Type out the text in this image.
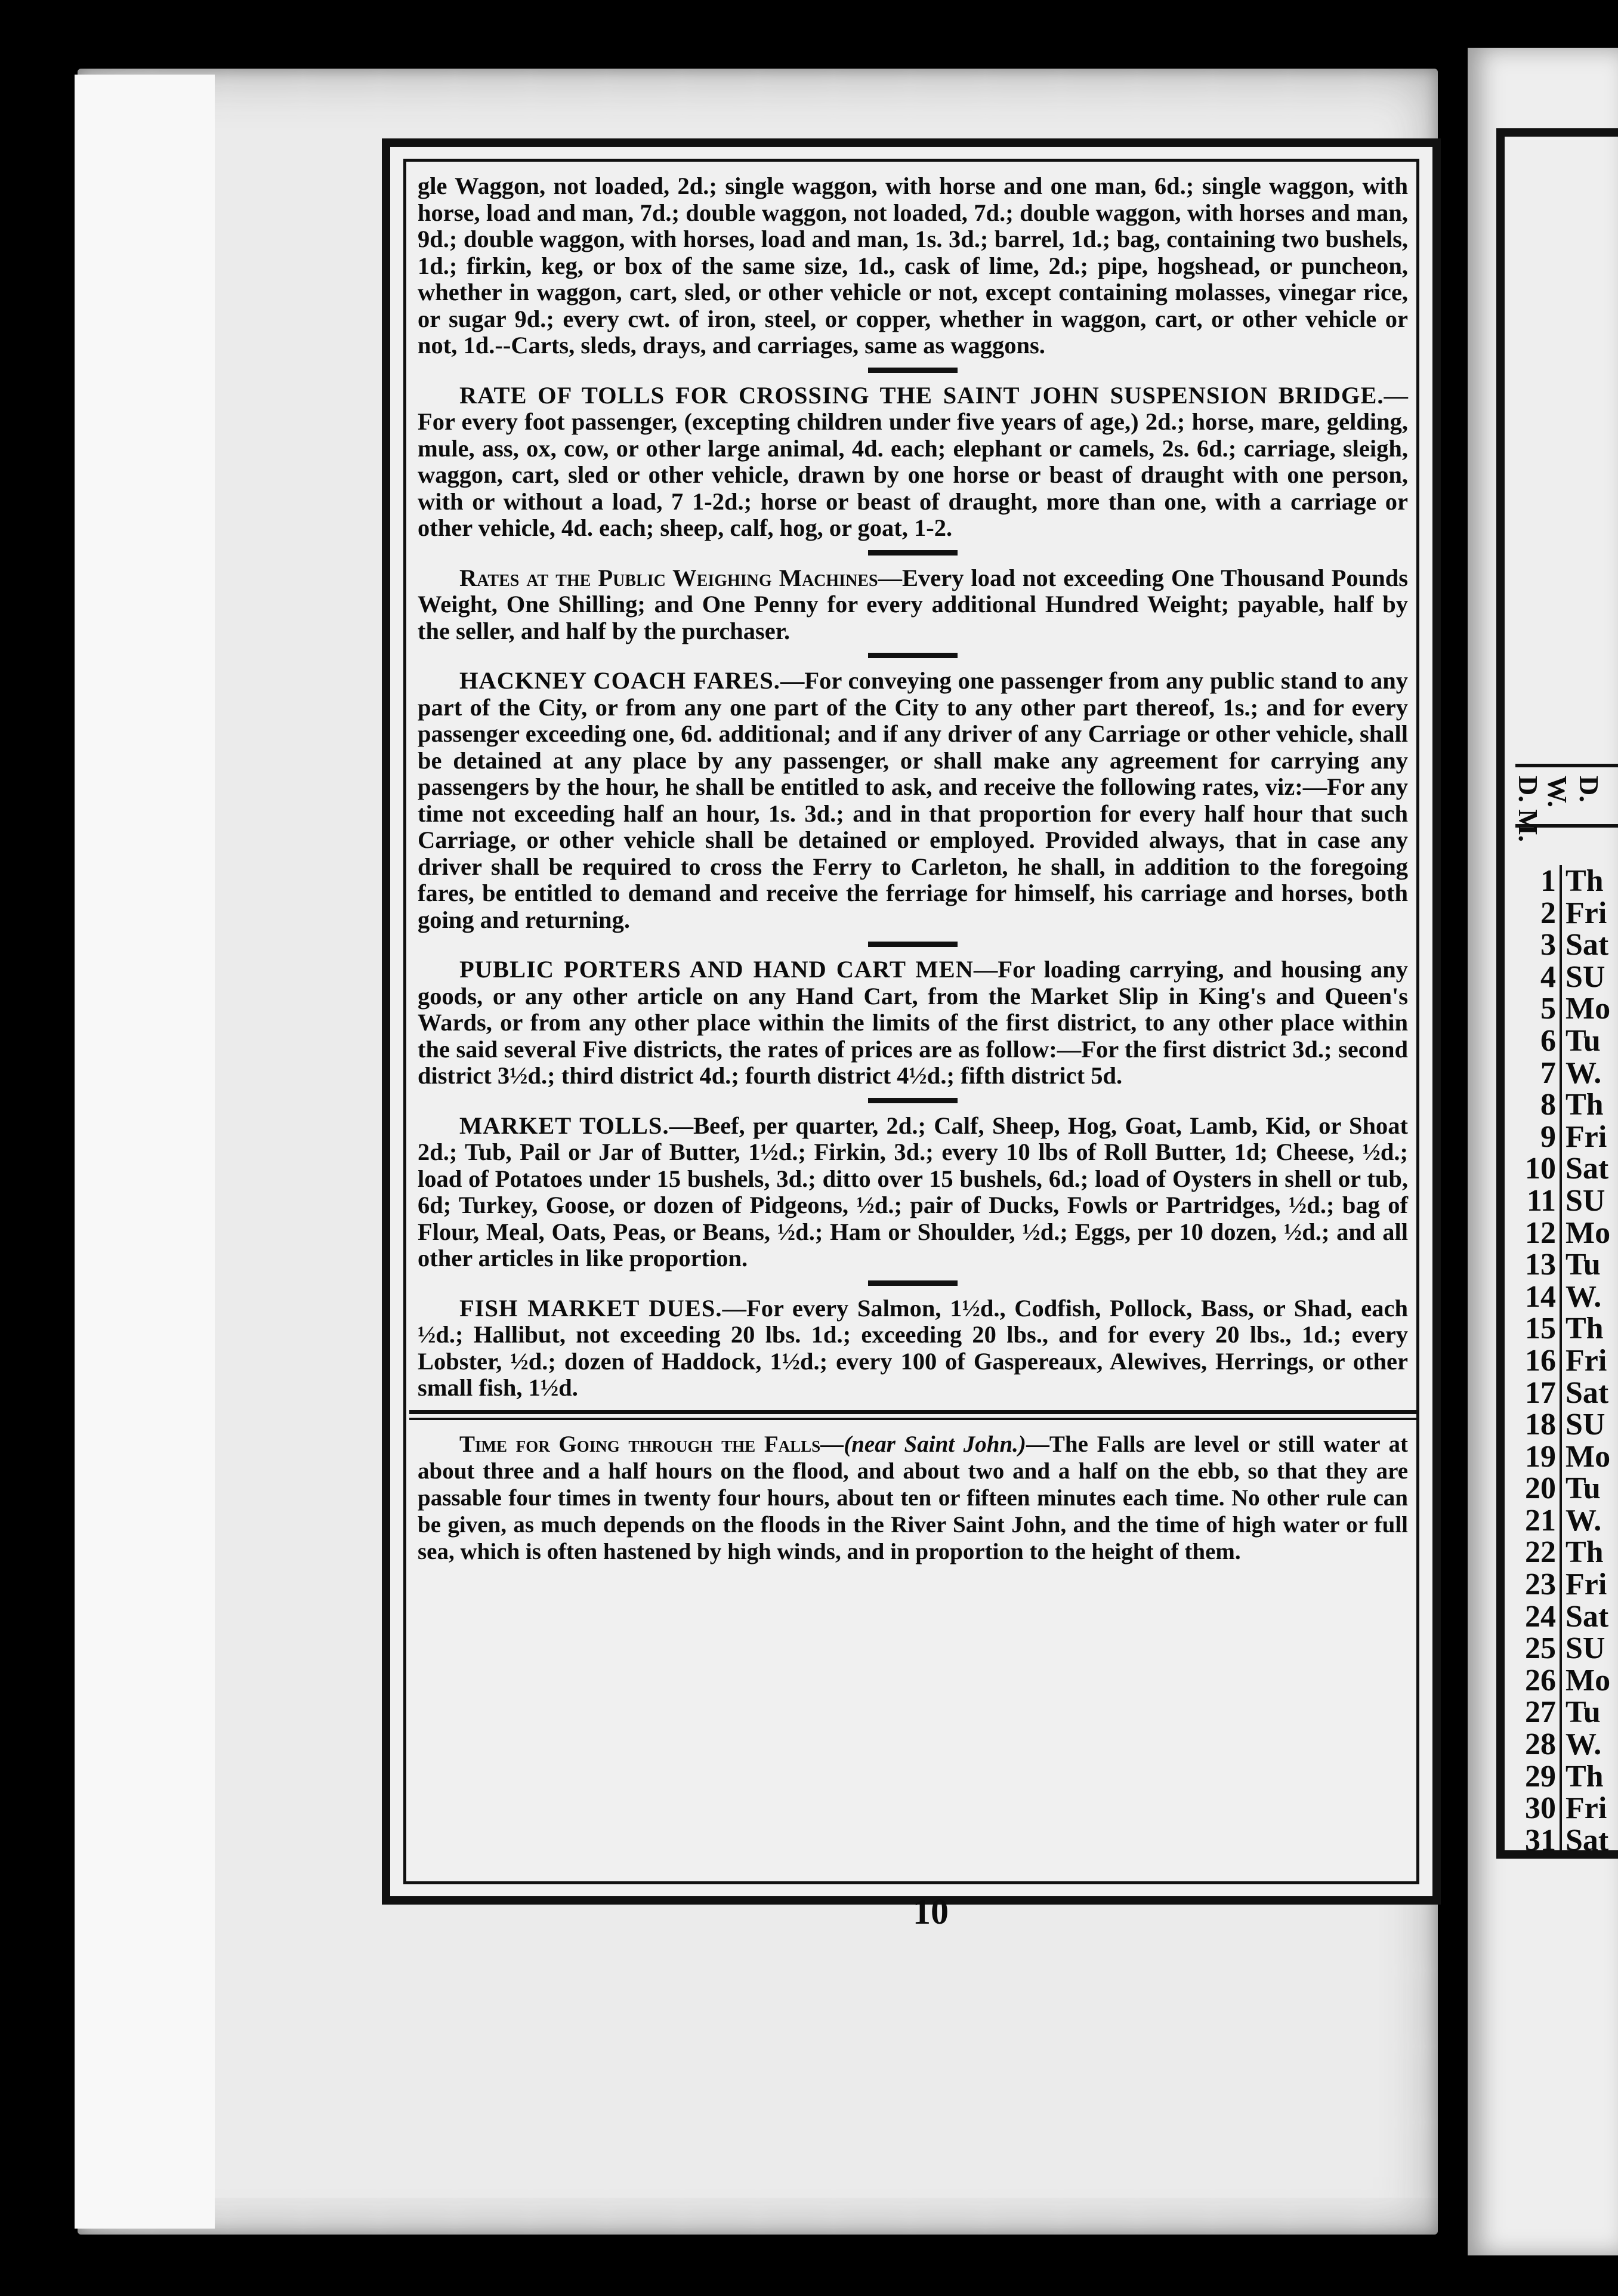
D. M.	D. W.
1 Th
2 Fri
3 Sat
4 SU
5 Mo
6 Tu
7 W.
8 Th
9 Fri
10 Sat
11 SU
12 Mo
13 Tu
14 W.
15 Th
16 Fri
17 Sat
18 SU
19 Mo
20 Tu
21 W.
22 Th
23 Fri
24 Sat
25 SU
26 Mo
27 Tu
28 W.
29 Th
30 Fri
31 Sat

gle Waggon, not loaded, 2d.; single waggon, with horse and one man, 6d.; single waggon, with horse, load and man, 7d.; double waggon, not loaded, 7d.; double waggon, with horses and man, 9d.; double waggon, with horses, load and man, 1s. 3d.; barrel, 1d.; bag, containing two bushels, 1d.; firkin, keg, or box of the same size, 1d., cask of lime, 2d.; pipe, hogshead, or puncheon, whether in waggon, cart, sled, or other vehicle or not, except containing molasses, vinegar rice, or sugar 9d.; every cwt. of iron, steel, or copper, whether in waggon, cart, or other vehicle or not, 1d.--Carts, sleds, drays, and carriages, same as waggons.

RATE OF TOLLS FOR CROSSING THE SAINT JOHN SUSPENSION BRIDGE.—For every foot passenger, (excepting children under five years of age,) 2d.; horse, mare, gelding, mule, ass, ox, cow, or other large animal, 4d. each; elephant or camels, 2s. 6d.; carriage, sleigh, waggon, cart, sled or other vehicle, drawn by one horse or beast of draught with one person, with or without a load, 7 1-2d.; horse or beast of draught, more than one, with a carriage or other vehicle, 4d. each; sheep, calf, hog, or goat, 1-2.

Rates at the Public Weighing Machines—Every load not exceeding One Thousand Pounds Weight, One Shilling; and One Penny for every additional Hundred Weight; payable, half by the seller, and half by the purchaser.

HACKNEY COACH FARES.—For conveying one passenger from any public stand to any part of the City, or from any one part of the City to any other part thereof, 1s.; and for every passenger exceeding one, 6d. additional; and if any driver of any Carriage or other vehicle, shall be detained at any place by any passenger, or shall make any agreement for carrying any passengers by the hour, he shall be entitled to ask, and receive the following rates, viz:—For any time not exceeding half an hour, 1s. 3d.; and in that proportion for every half hour that such Carriage, or other vehicle shall be detained or employed. Provided always, that in case any driver shall be required to cross the Ferry to Carleton, he shall, in addition to the foregoing fares, be entitled to demand and receive the ferriage for himself, his carriage and horses, both going and returning.

PUBLIC PORTERS AND HAND CART MEN—For loading carrying, and housing any goods, or any other article on any Hand Cart, from the Market Slip in King's and Queen's Wards, or from any other place within the limits of the first district, to any other place within the said several Five districts, the rates of prices are as follow:—For the first district 3d.; second district 3½d.; third district 4d.; fourth district 4½d.; fifth district 5d.

MARKET TOLLS.—Beef, per quarter, 2d.; Calf, Sheep, Hog, Goat, Lamb, Kid, or Shoat 2d.; Tub, Pail or Jar of Butter, 1½d.; Firkin, 3d.; every 10 lbs of Roll Butter, 1d; Cheese, ½d.; load of Potatoes under 15 bushels, 3d.; ditto over 15 bushels, 6d.; load of Oysters in shell or tub, 6d; Turkey, Goose, or dozen of Pidgeons, ½d.; pair of Ducks, Fowls or Partridges, ½d.; bag of Flour, Meal, Oats, Peas, or Beans, ½d.; Ham or Shoulder, ½d.; Eggs, per 10 dozen, ½d.; and all other articles in like proportion.

FISH MARKET DUES.—For every Salmon, 1½d., Codfish, Pollock, Bass, or Shad, each ½d.; Hallibut, not exceeding 20 lbs. 1d.; exceeding 20 lbs., and for every 20 lbs., 1d.; every Lobster, ½d.; dozen of Haddock, 1½d.; every 100 of Gaspereaux, Alewives, Herrings, or other small fish, 1½d.

Time for Going through the Falls—(near Saint John.)—The Falls are level or still water at about three and a half hours on the flood, and about two and a half on the ebb, so that they are passable four times in twenty four hours, about ten or fifteen minutes each time. No other rule can be given, as much depends on the floods in the River Saint John, and the time of high water or full sea, which is often hastened by high winds, and in proportion to the height of them.

10
